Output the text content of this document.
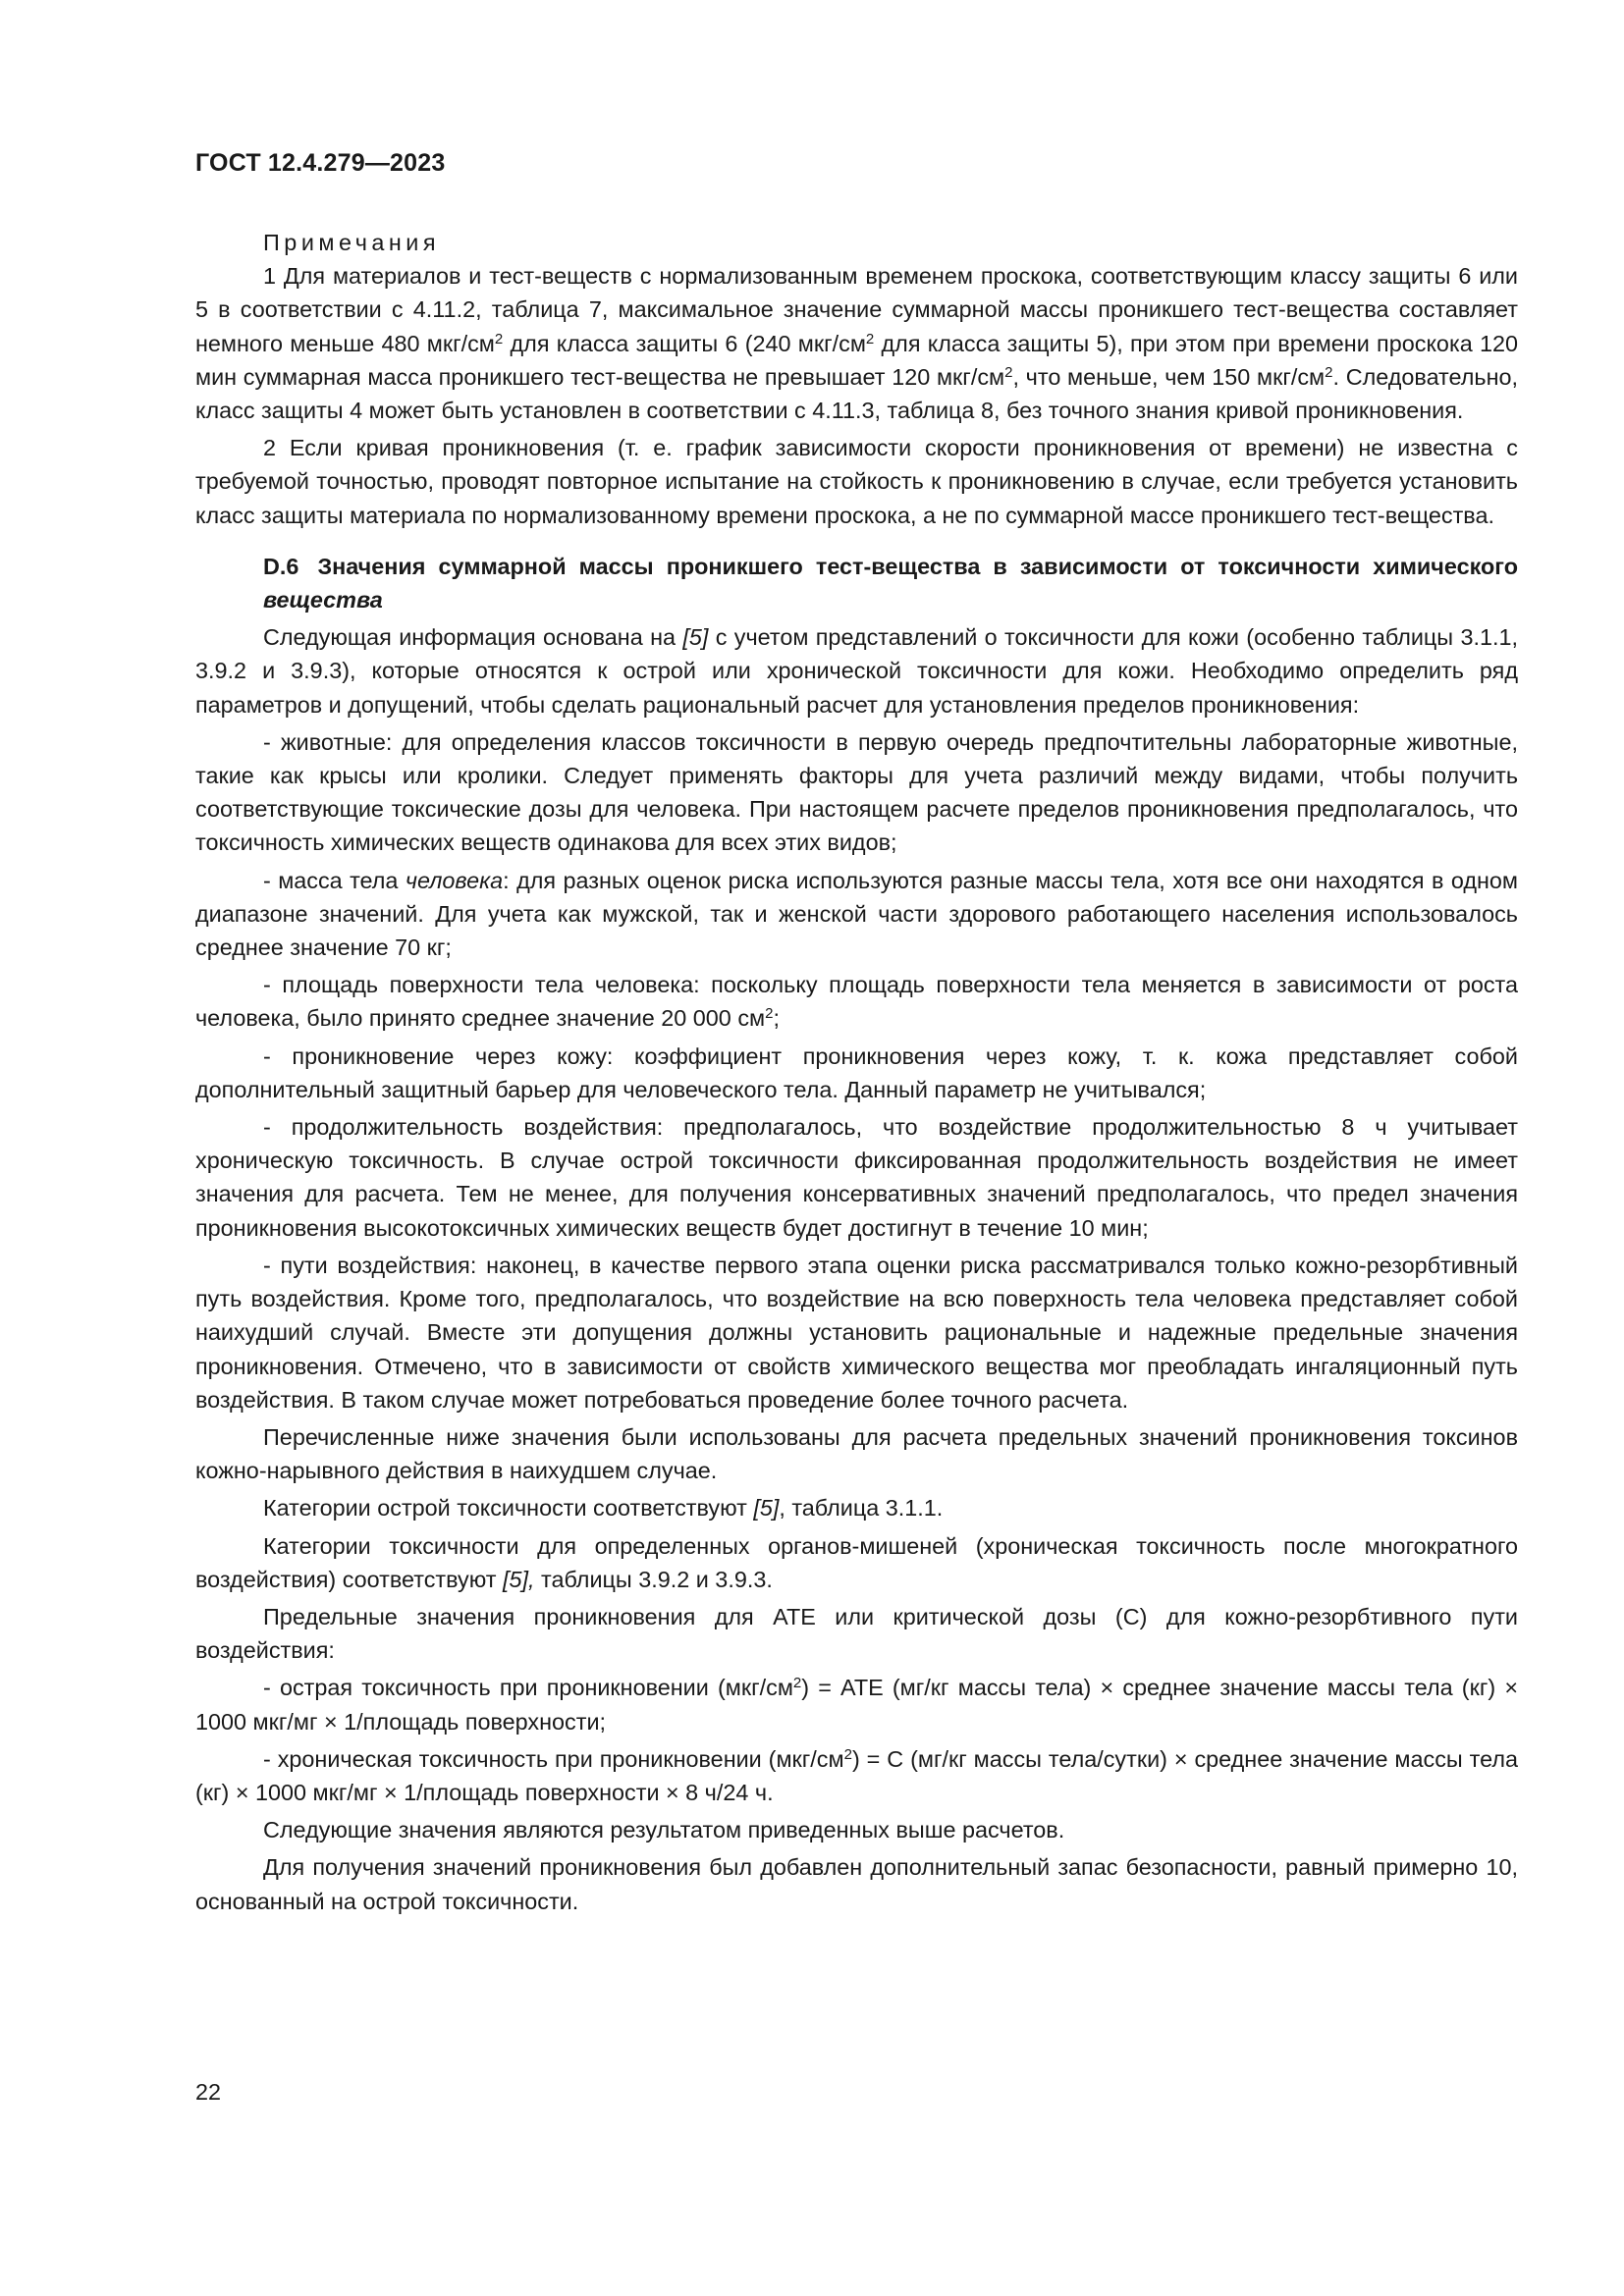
ГОСТ 12.4.279—2023
Примечания

1 Для материалов и тест-веществ с нормализованным временем проскока, соответствующим классу защиты 6 или 5 в соответствии с 4.11.2, таблица 7, максимальное значение суммарной массы проникшего тест-вещества составляет немного меньше 480 мкг/$см^2$ для класса защиты 6 (240 мкг/$см^2$ для класса защиты 5), при этом при времени проскока 120 мин суммарная масса проникшего тест-вещества не превышает 120 мкг/$см^2$, что меньше, чем 150 мкг/$см^2$. Следовательно, класс защиты 4 может быть установлен в соответствии с 4.11.3, таблица 8, без точного знания кривой проникновения.

2 Если кривая проникновения (т. е. график зависимости скорости проникновения от времени) не известна с требуемой точностью, проводят повторное испытание на стойкость к проникновению в случае, если требуется установить класс защиты материала по нормализованному времени проскока, а не по суммарной массе проникшего тест-вещества.

D.6 Значения суммарной массы проникшего тест-вещества в зависимости от токсичности химического вещества

Следующая информация основана на [5] с учетом представлений о токсичности для кожи (особенно таблицы 3.1.1, 3.9.2 и 3.9.3), которые относятся к острой или хронической токсичности для кожи. Необходимо определить ряд параметров и допущений, чтобы сделать рациональный расчет для установления пределов проникновения:

- животные: для определения классов токсичности в первую очередь предпочтительны лабораторные животные, такие как крысы или кролики. Следует применять факторы для учета различий между видами, чтобы получить соответствующие токсические дозы для человека. При настоящем расчете пределов проникновения предполагалось, что токсичность химических веществ одинакова для всех этих видов;

- масса тела человека: для разных оценок риска используются разные массы тела, хотя все они находятся в одном диапазоне значений. Для учета как мужской, так и женской части здорового работающего населения использовалось среднее значение 70 кг;

- площадь поверхности тела человека: поскольку площадь поверхности тела меняется в зависимости от роста человека, было принято среднее значение 20 000 $см^2$;

- проникновение через кожу: коэффициент проникновения через кожу, т. к. кожа представляет собой дополнительный защитный барьер для человеческого тела. Данный параметр не учитывался;

- продолжительность воздействия: предполагалось, что воздействие продолжительностью 8 ч учитывает хроническую токсичность. В случае острой токсичности фиксированная продолжительность воздействия не имеет значения для расчета. Тем не менее, для получения консервативных значений предполагалось, что предел значения проникновения высокотоксичных химических веществ будет достигнут в течение 10 мин;

- пути воздействия: наконец, в качестве первого этапа оценки риска рассматривался только кожно-резорбтивный путь воздействия. Кроме того, предполагалось, что воздействие на всю поверхность тела человека представляет собой наихудший случай. Вместе эти допущения должны установить рациональные и надежные предельные значения проникновения. Отмечено, что в зависимости от свойств химического вещества мог преобладать ингаляционный путь воздействия. В таком случае может потребоваться проведение более точного расчета.

Перечисленные ниже значения были использованы для расчета предельных значений проникновения токсинов кожно-нарывного действия в наихудшем случае.

Категории острой токсичности соответствуют [5], таблица 3.1.1.

Категории токсичности для определенных органов-мишеней (хроническая токсичность после многократного воздействия) соответствуют [5], таблицы 3.9.2 и 3.9.3.

Предельные значения проникновения для АТЕ или критической дозы (С) для кожно-резорбтивного пути воздействия:

- острая токсичность при проникновении $(мкг/см^2)$ = АТЕ (мг/кг массы тела) × среднее значение массы тела (кг) × 1000 мкг/мг × 1/площадь поверхности;

- хроническая токсичность при проникновении $(мкг/см^2) = С$ (мг/кг массы тела/сутки) × среднее значение массы тела (кг) × 1000 мкг/мг × 1/площадь поверхности × 8 ч/24 ч.

Следующие значения являются результатом приведенных выше расчетов.

Для получения значений проникновения был добавлен дополнительный запас безопасности, равный примерно 10, основанный на острой токсичности.

22
